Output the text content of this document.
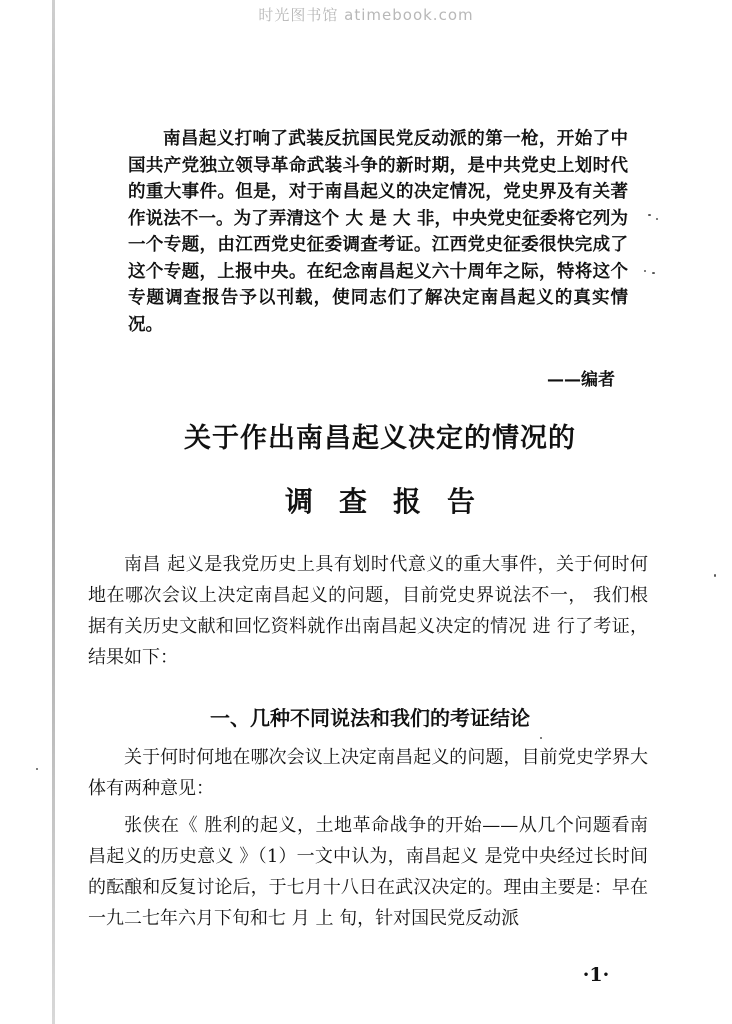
时光图书馆 atimebook.com

南昌起义打响了武装反抗国民党反动派的第一枪，开始了中国共产党独立领导革命武装斗争的新时期，是中共党史上划时代的重大事件。但是，对于南昌起义的决定情况，党史界及有关著作说法不一。为了弄清这个 大 是 大 非，中央党史征委将它列为一个专题，由江西党史征委调查考证。江西党史征委很快完成了这个专题，上报中央。在纪念南昌起义六十周年之际，特将这个专题调查报告予以刊载，使同志们了解决定南昌起义的真实情况。

——编者
关于作出南昌起义决定的情况的
调查报告

南昌 起义是我党历史上具有划时代意义的重大事件，关于何时何地在哪次会议上决定南昌起义的问题，目前党史界说法不一， 我们根据有关历史文献和回忆资料就作出南昌起义决定的情况 进 行了考证，结果如下：

一、几种不同说法和我们的考证结论

关于何时何地在哪次会议上决定南昌起义的问题，目前党史学界大体有两种意见：

张侠在《 胜利的起义，土地革命战争的开始——从几个问题看南昌起义的历史意义 》（1）一文中认为，南昌起义 是党中央经过长时间的酝酿和反复讨论后，于七月十八日在武汉决定的。理由主要是：早在一九二七年六月下旬和七 月 上 旬，针对国民党反动派

·1·
